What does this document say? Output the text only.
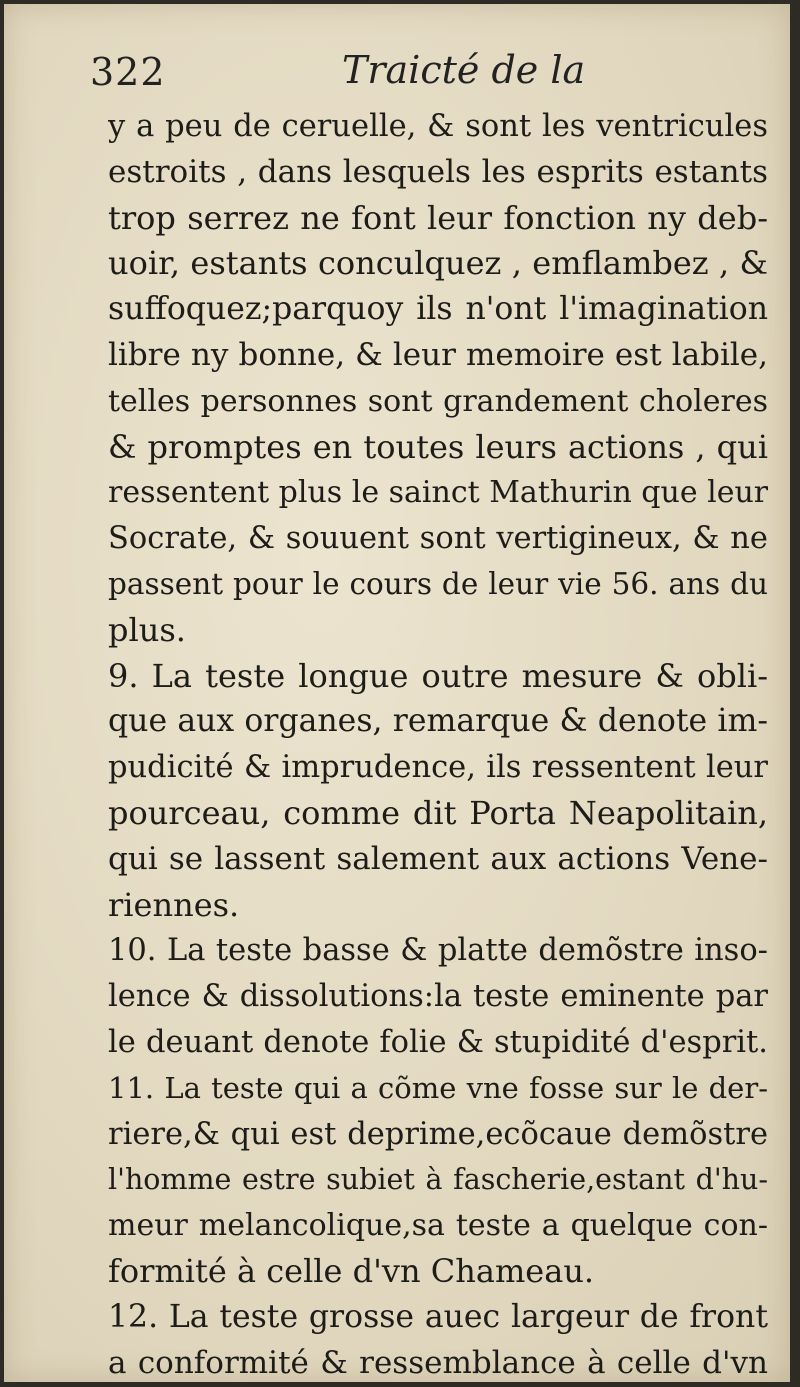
322	Traicté de la
y a peu de ceruelle, & sont les ventricules
estroits , dans lesquels les esprits estants
trop serrez ne font leur fonction ny deb-
uoir, estants conculquez , emflambez , &
suffoquez;parquoy ils n'ont l'imagination
libre ny bonne, & leur memoire est labile,
telles personnes sont grandement choleres
& promptes en toutes leurs actions , qui
ressentent plus le sainct Mathurin que leur
Socrate, & souuent sont vertigineux, & ne
passent pour le cours de leur vie 56. ans du
plus.
9. La teste longue outre mesure & obli-
que aux organes, remarque & denote im-
pudicité & imprudence, ils ressentent leur
pourceau, comme dit Porta Neapolitain,
qui se lassent salement aux actions Vene-
riennes.
10. La teste basse & platte demõstre inso-
lence & dissolutions:la teste eminente par
le deuant denote folie & stupidité d'esprit.
11. La teste qui a cõme vne fosse sur le der-
riere,& qui est deprime,ecõcaue demõstre
l'homme estre subiet à fascherie,estant d'hu-
meur melancolique,sa teste a quelque con-
formité à celle d'vn Chameau.
12. La teste grosse auec largeur de front
a conformité & ressemblance à celle d'vn
